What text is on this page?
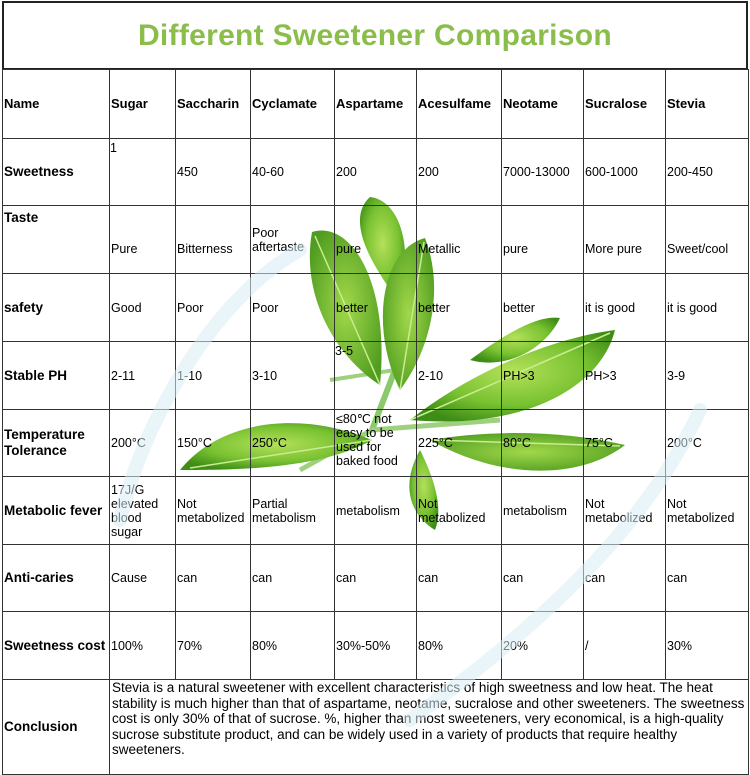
Different Sweetener Comparison
Name	Sugar	Saccharin	Cyclamate	Aspartame	Acesulfame	Neotame	Sucralose	Stevia
Sweetness	1	450	40-60	200	200	7000-13000	600-1000	200-450
Taste	Pure	Bitterness	Poor aftertaste	pure	Metallic	pure	More pure	Sweet/cool
safety	Good	Poor	Poor	better	better	better	it is good	it is good
Stable PH	2-11	1-10	3-10	3-5	2-10	PH>3	PH>3	3-9
Temperature Tolerance	200°C	150°C	250°C	≤80℃ not easy to be used for baked food	225°C	80°C	75°C	200°C
Metabolic fever	17J/G elevated blood sugar	Not metabolized	Partial metabolism	metabolism	Not metabolized	metabolism	Not metabolized	Not metabolized
Anti-caries	Cause	can	can	can	can	can	can	can
Sweetness cost	100%	70%	80%	30%-50%	80%	20%	/	30%
Conclusion	Stevia is a natural sweetener with excellent characteristics of high sweetness and low heat. The heat stability is much higher than that of aspartame, neotame, sucralose and other sweeteners. The sweetness cost is only 30% of that of sucrose. %, higher than most sweeteners, very economical, is a high-quality sucrose substitute product, and can be widely used in a variety of products that require healthy sweeteners.							
